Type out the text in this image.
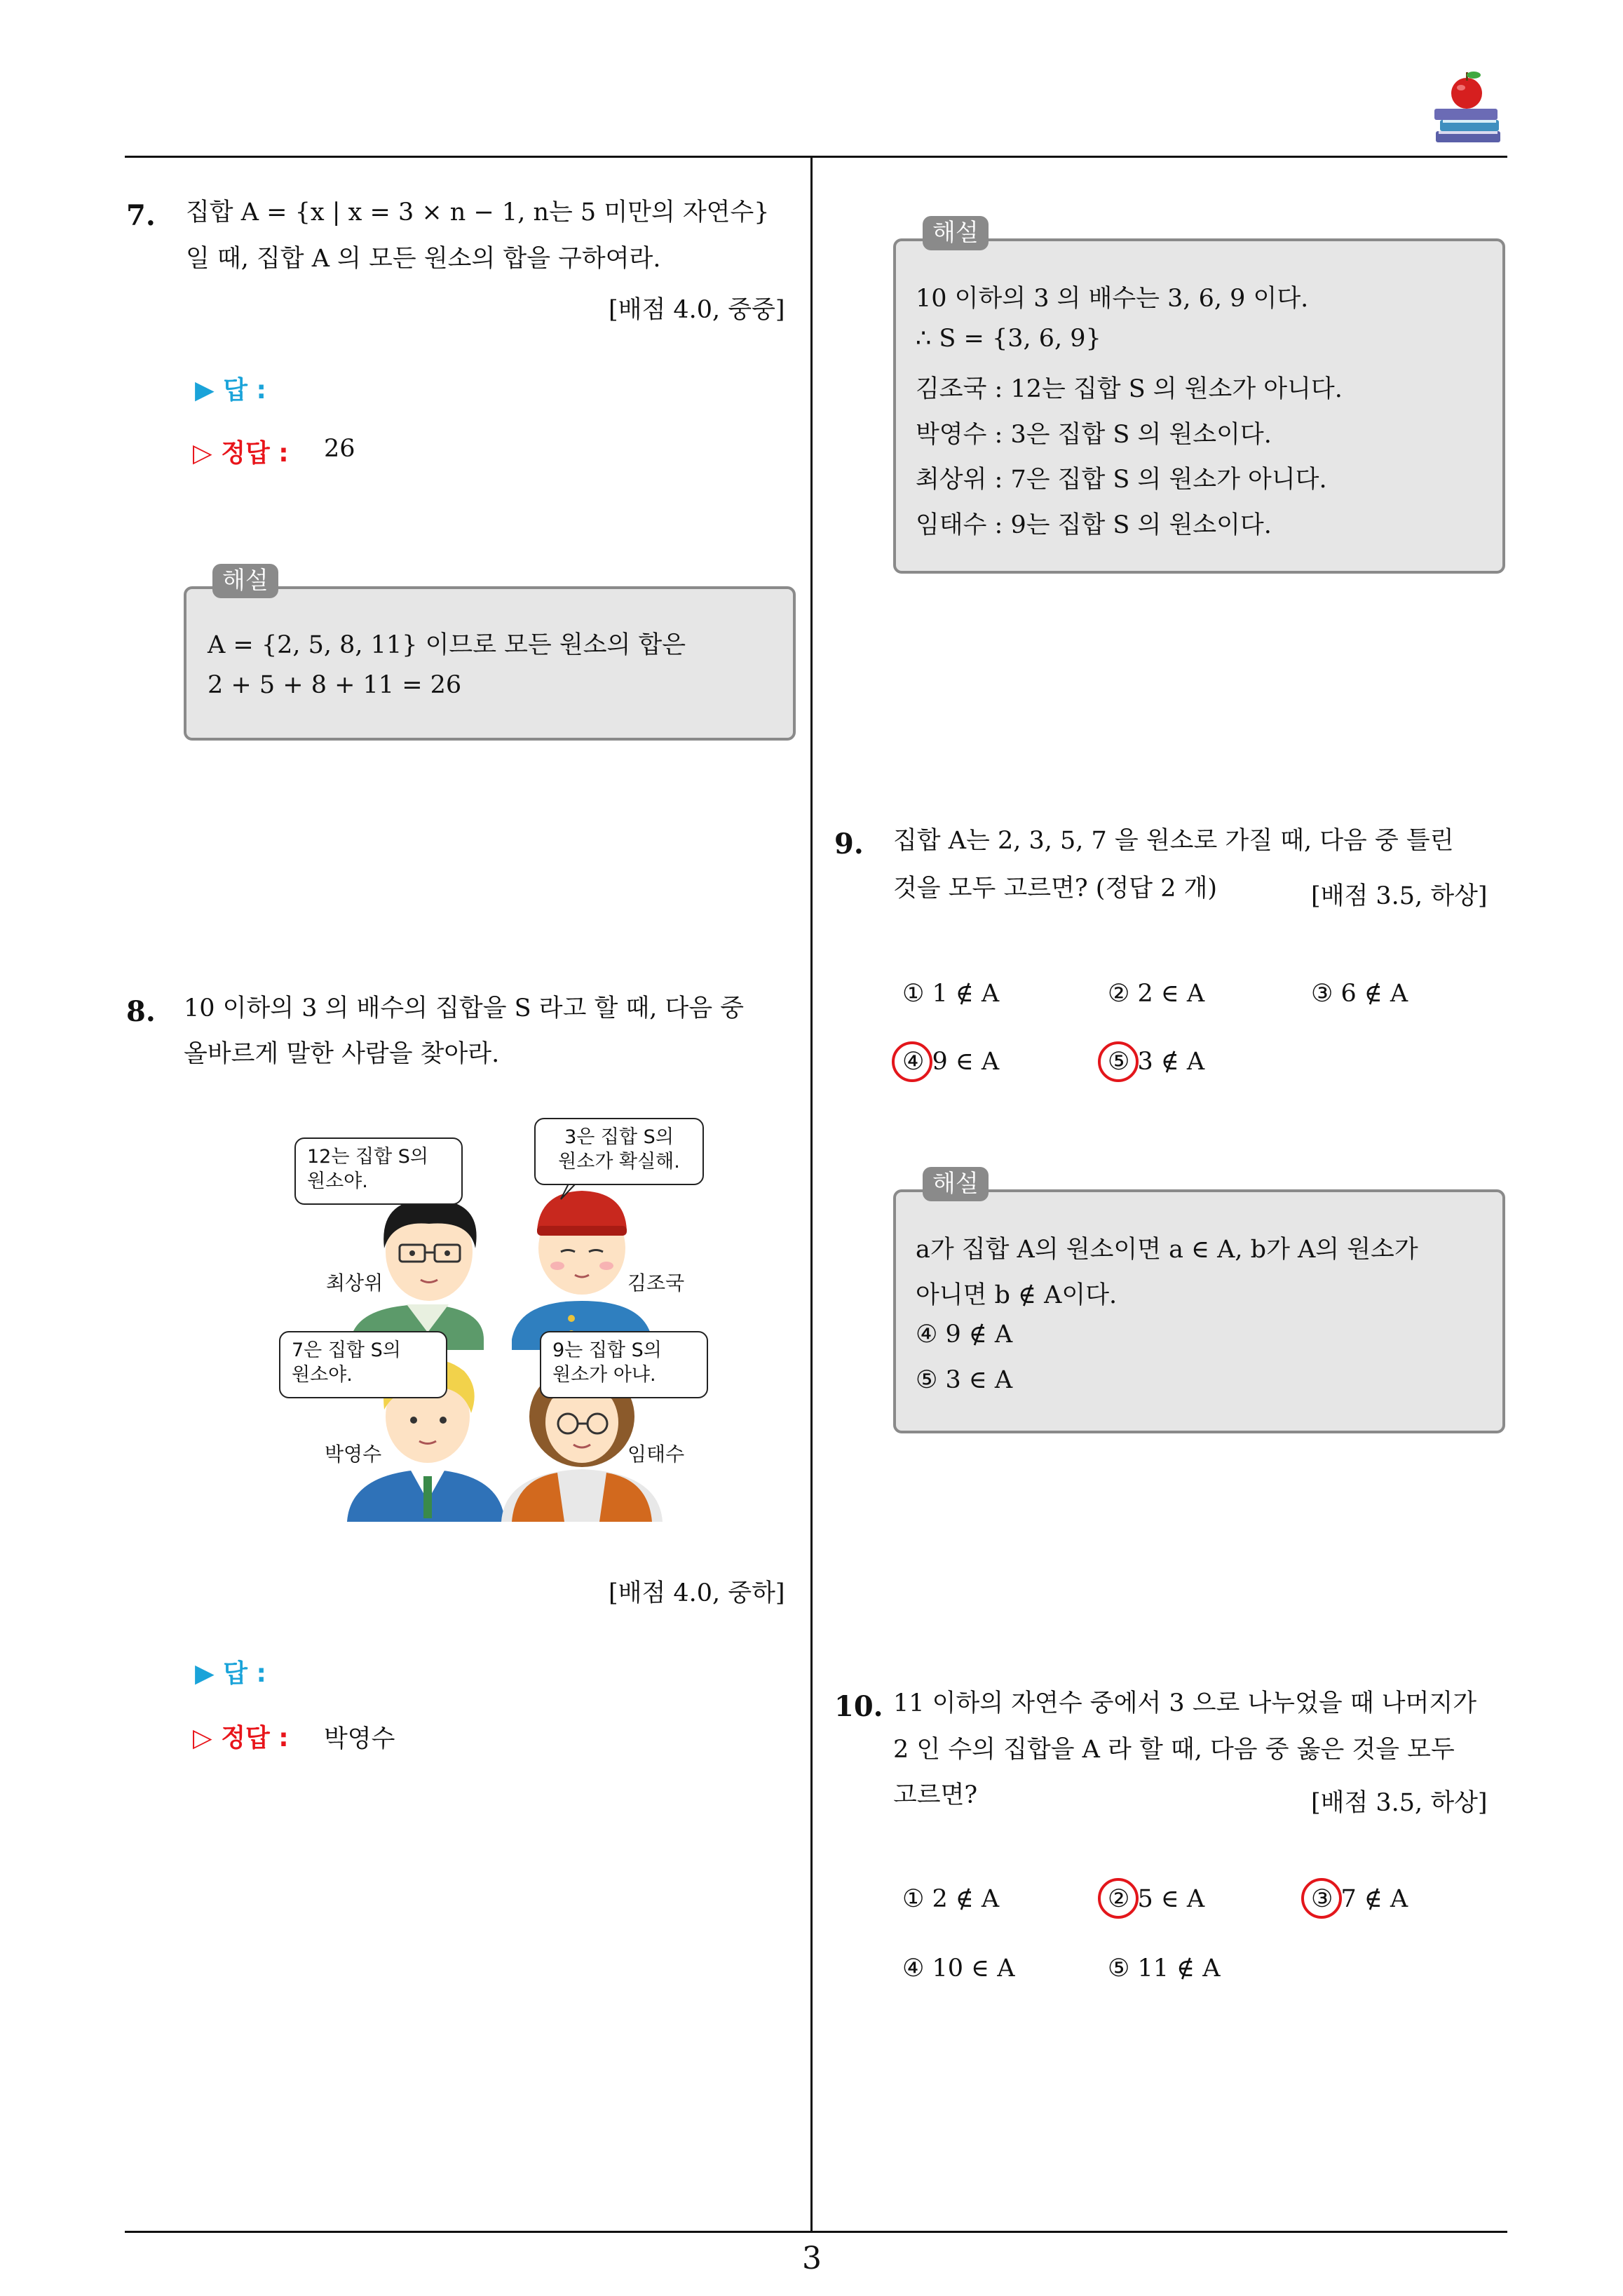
3
7. 집합 A = {x | x = 3 × n − 1, n는 5 미만의 자연수}
일 때, 집합 A 의 모든 원소의 합을 구하여라.
[배점 4.0, 중중]
▶ 답 :
▷ 정답 : 26
해설
A = {2, 5, 8, 11} 이므로 모든 원소의 합은
2 + 5 + 8 + 11 = 26
8. 10 이하의 3 의 배수의 집합을 S 라고 할 때, 다음 중
올바르게 말한 사람을 찾아라.
12는 집합 S의
원소야.
3은 집합 S의
원소가 확실해.
7은 집합 S의
원소야.
9는 집합 S의
원소가 아냐.
최상위	김조국
박영수	임태수
[배점 4.0, 중하]
▶ 답 :
▷ 정답 : 박영수
해설
10 이하의 3 의 배수는 3, 6, 9 이다.
∴ S = {3, 6, 9}
김조국 : 12는 집합 S 의 원소가 아니다.
박영수 : 3은 집합 S 의 원소이다.
최상위 : 7은 집합 S 의 원소가 아니다.
임태수 : 9는 집합 S 의 원소이다.
9. 집합 A는 2, 3, 5, 7 을 원소로 가질 때, 다음 중 틀린
것을 모두 고르면? (정답 2 개)	[배점 3.5, 하상]
① 1 ∉ A	② 2 ∈ A	③ 6 ∉ A
④ 9 ∈ A	⑤ 3 ∉ A
해설
a가 집합 A의 원소이면 a ∈ A, b가 A의 원소가
아니면 b ∉ A이다.
④ 9 ∉ A
⑤ 3 ∈ A
10. 11 이하의 자연수 중에서 3 으로 나누었을 때 나머지가
2 인 수의 집합을 A 라 할 때, 다음 중 옳은 것을 모두
고르면?	[배점 3.5, 하상]
① 2 ∉ A	② 5 ∈ A	③ 7 ∉ A
④ 10 ∈ A	⑤ 11 ∉ A
